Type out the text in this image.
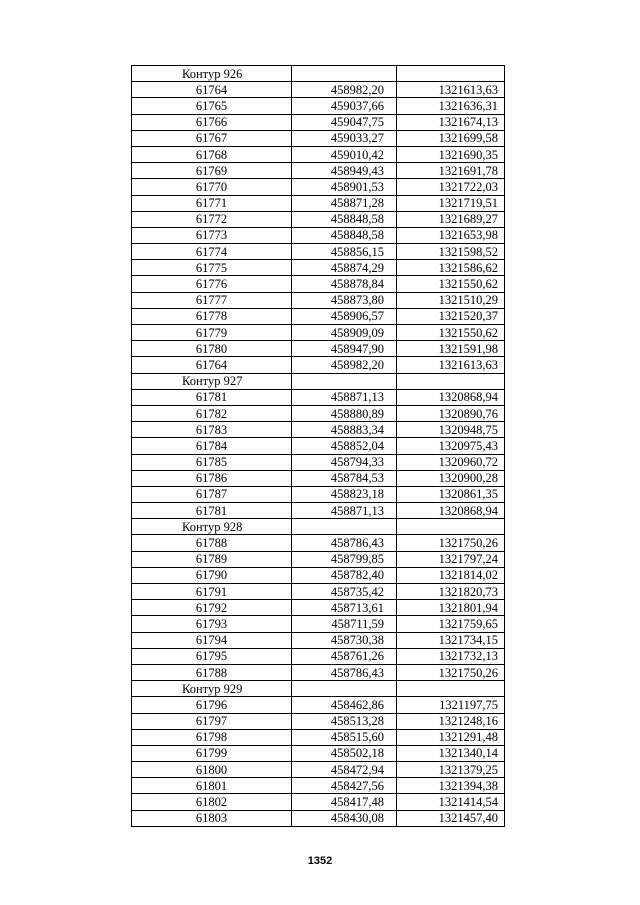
Контур 926		
61764	458982,20	1321613,63
61765	459037,66	1321636,31
61766	459047,75	1321674,13
61767	459033,27	1321699,58
61768	459010,42	1321690,35
61769	458949,43	1321691,78
61770	458901,53	1321722,03
61771	458871,28	1321719,51
61772	458848,58	1321689,27
61773	458848,58	1321653,98
61774	458856,15	1321598,52
61775	458874,29	1321586,62
61776	458878,84	1321550,62
61777	458873,80	1321510,29
61778	458906,57	1321520,37
61779	458909,09	1321550,62
61780	458947,90	1321591,98
61764	458982,20	1321613,63
Контур 927		
61781	458871,13	1320868,94
61782	458880,89	1320890,76
61783	458883,34	1320948,75
61784	458852,04	1320975,43
61785	458794,33	1320960,72
61786	458784,53	1320900,28
61787	458823,18	1320861,35
61781	458871,13	1320868,94
Контур 928		
61788	458786,43	1321750,26
61789	458799,85	1321797,24
61790	458782,40	1321814,02
61791	458735,42	1321820,73
61792	458713,61	1321801,94
61793	458711,59	1321759,65
61794	458730,38	1321734,15
61795	458761,26	1321732,13
61788	458786,43	1321750,26
Контур 929		
61796	458462,86	1321197,75
61797	458513,28	1321248,16
61798	458515,60	1321291,48
61799	458502,18	1321340,14
61800	458472,94	1321379,25
61801	458427,56	1321394,38
61802	458417,48	1321414,54
61803	458430,08	1321457,40
1352
